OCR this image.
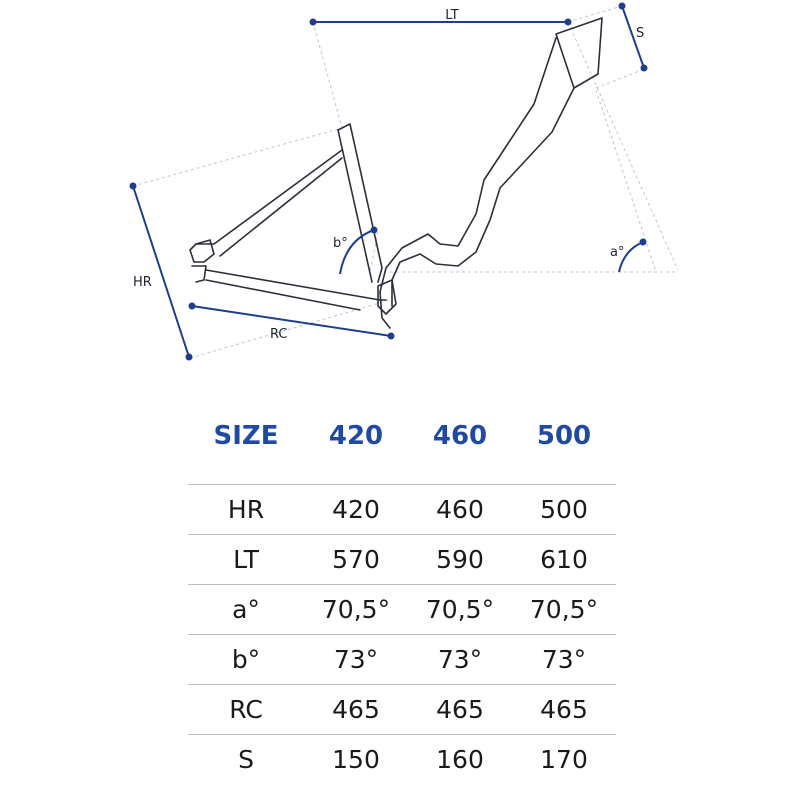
LT
S
HR
RC
b°
a°
SIZE	420	460	500

HR	420	460	500
LT	570	590	610
a°	70,5°	70,5°	70,5°
b°	73°	73°	73°
RC	465	465	465
S	150	160	170
